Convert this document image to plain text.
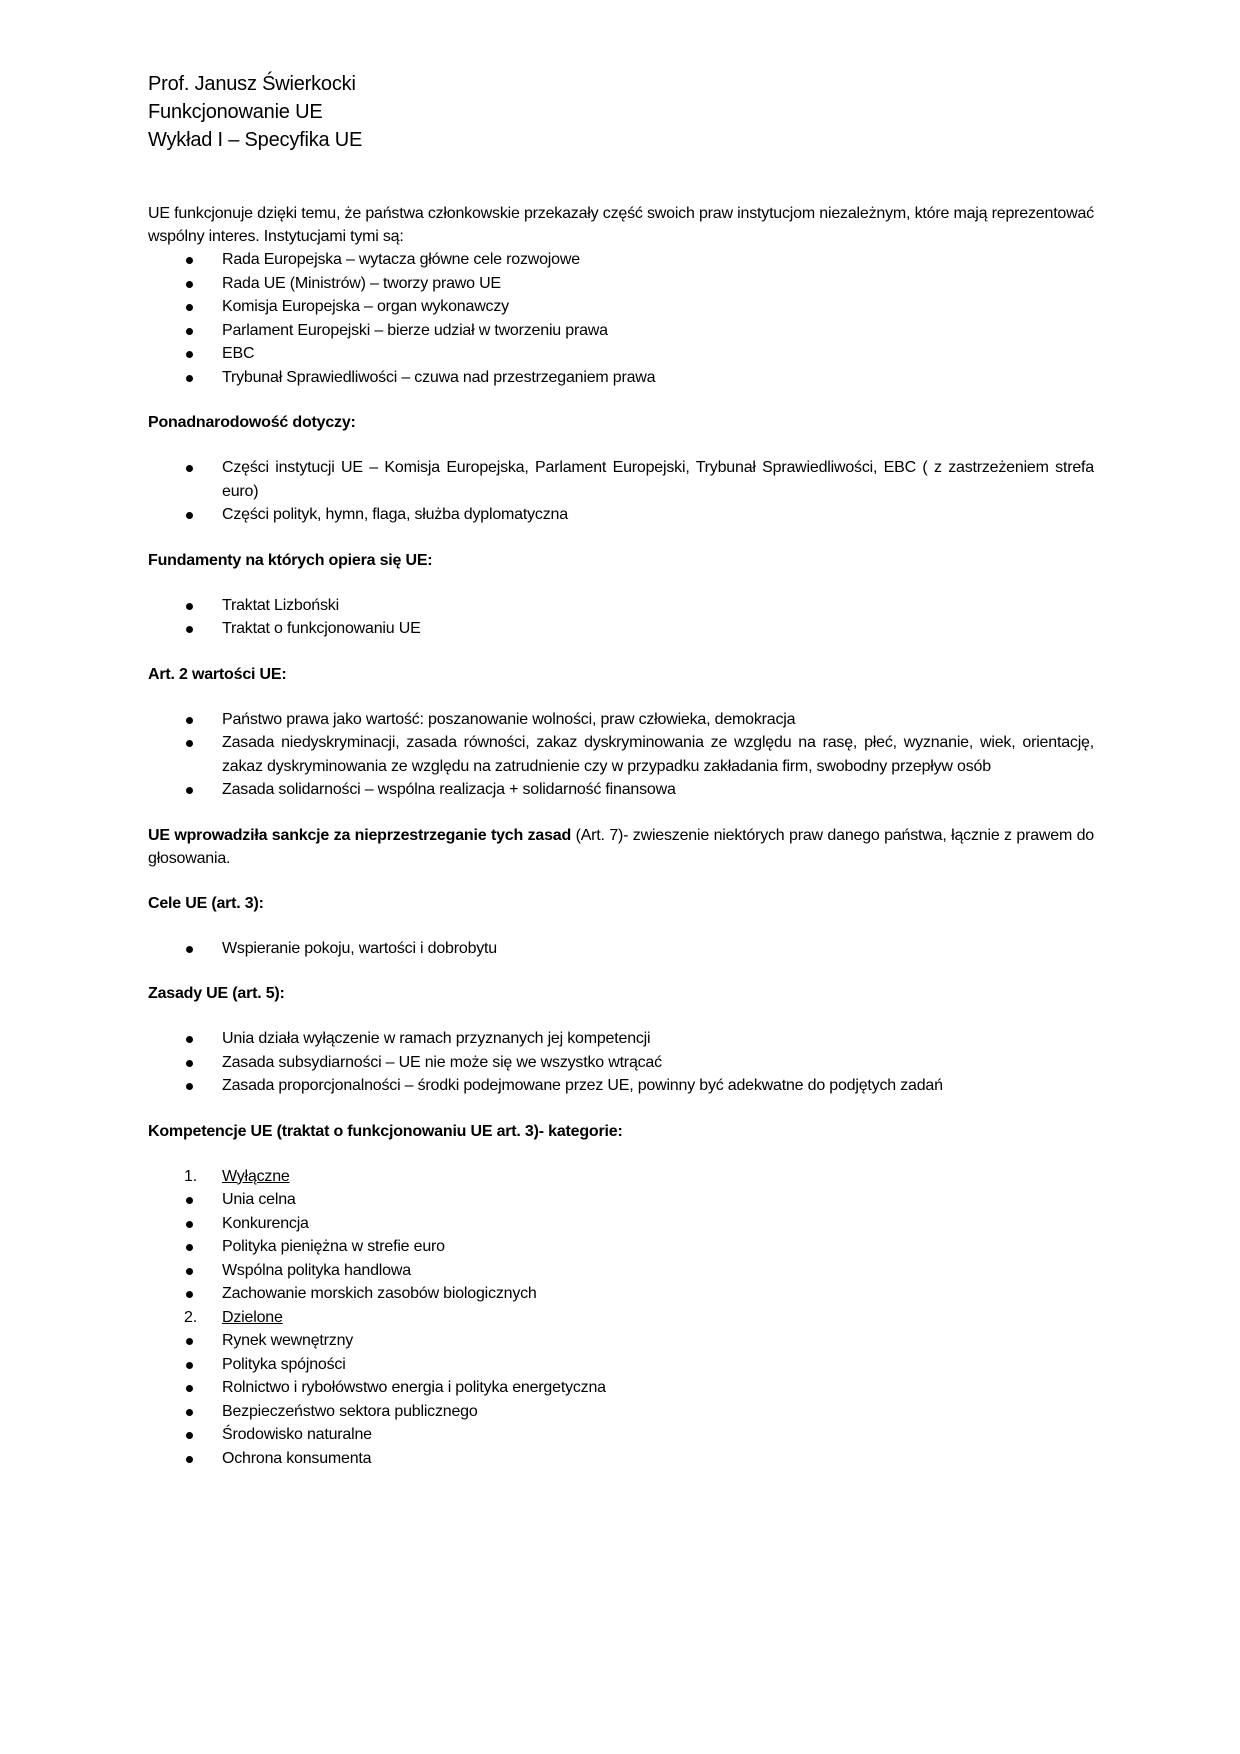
Prof. Janusz Świerkocki
Funkcjonowanie UE
Wykład I – Specyfika UE
UE funkcjonuje dzięki temu, że państwa członkowskie przekazały część swoich praw instytucjom niezależnym, które mają reprezentować wspólny interes. Instytucjami tymi są:
Rada Europejska – wytacza główne cele rozwojowe
Rada UE (Ministrów) – tworzy prawo UE
Komisja Europejska – organ wykonawczy
Parlament Europejski – bierze udział w tworzeniu prawa
EBC
Trybunał Sprawiedliwości – czuwa nad przestrzeganiem prawa
Ponadnarodowość dotyczy:
Części instytucji UE – Komisja Europejska, Parlament Europejski, Trybunał Sprawiedliwości, EBC ( z zastrzeżeniem strefa euro)
Części polityk, hymn, flaga, służba dyplomatyczna
Fundamenty na których opiera się UE:
Traktat Lizboński
Traktat o funkcjonowaniu UE
Art. 2 wartości UE:
Państwo prawa jako wartość: poszanowanie wolności, praw człowieka, demokracja
Zasada niedyskryminacji, zasada równości, zakaz dyskryminowania ze względu na rasę, płeć, wyznanie, wiek, orientację, zakaz dyskryminowania ze względu na zatrudnienie czy w przypadku zakładania firm, swobodny przepływ osób
Zasada solidarności – wspólna realizacja + solidarność finansowa
UE wprowadziła sankcje za nieprzestrzeganie tych zasad (Art. 7)- zwieszenie niektórych praw danego państwa, łącznie z prawem do głosowania.
Cele UE (art. 3):
Wspieranie pokoju, wartości i dobrobytu
Zasady UE (art. 5):
Unia działa wyłączenie w ramach przyznanych jej kompetencji
Zasada subsydiarności – UE nie może się we wszystko wtrącać
Zasada proporcjonalności – środki podejmowane przez UE, powinny być adekwatne do podjętych zadań
Kompetencje UE (traktat o funkcjonowaniu UE art. 3)- kategorie:
1. Wyłączne
Unia celna
Konkurencja
Polityka pieniężna w strefie euro
Wspólna polityka handlowa
Zachowanie morskich zasobów biologicznych
2. Dzielone
Rynek wewnętrzny
Polityka spójności
Rolnictwo i rybołówstwo energia i polityka energetyczna
Bezpieczeństwo sektora publicznego
Środowisko naturalne
Ochrona konsumenta
